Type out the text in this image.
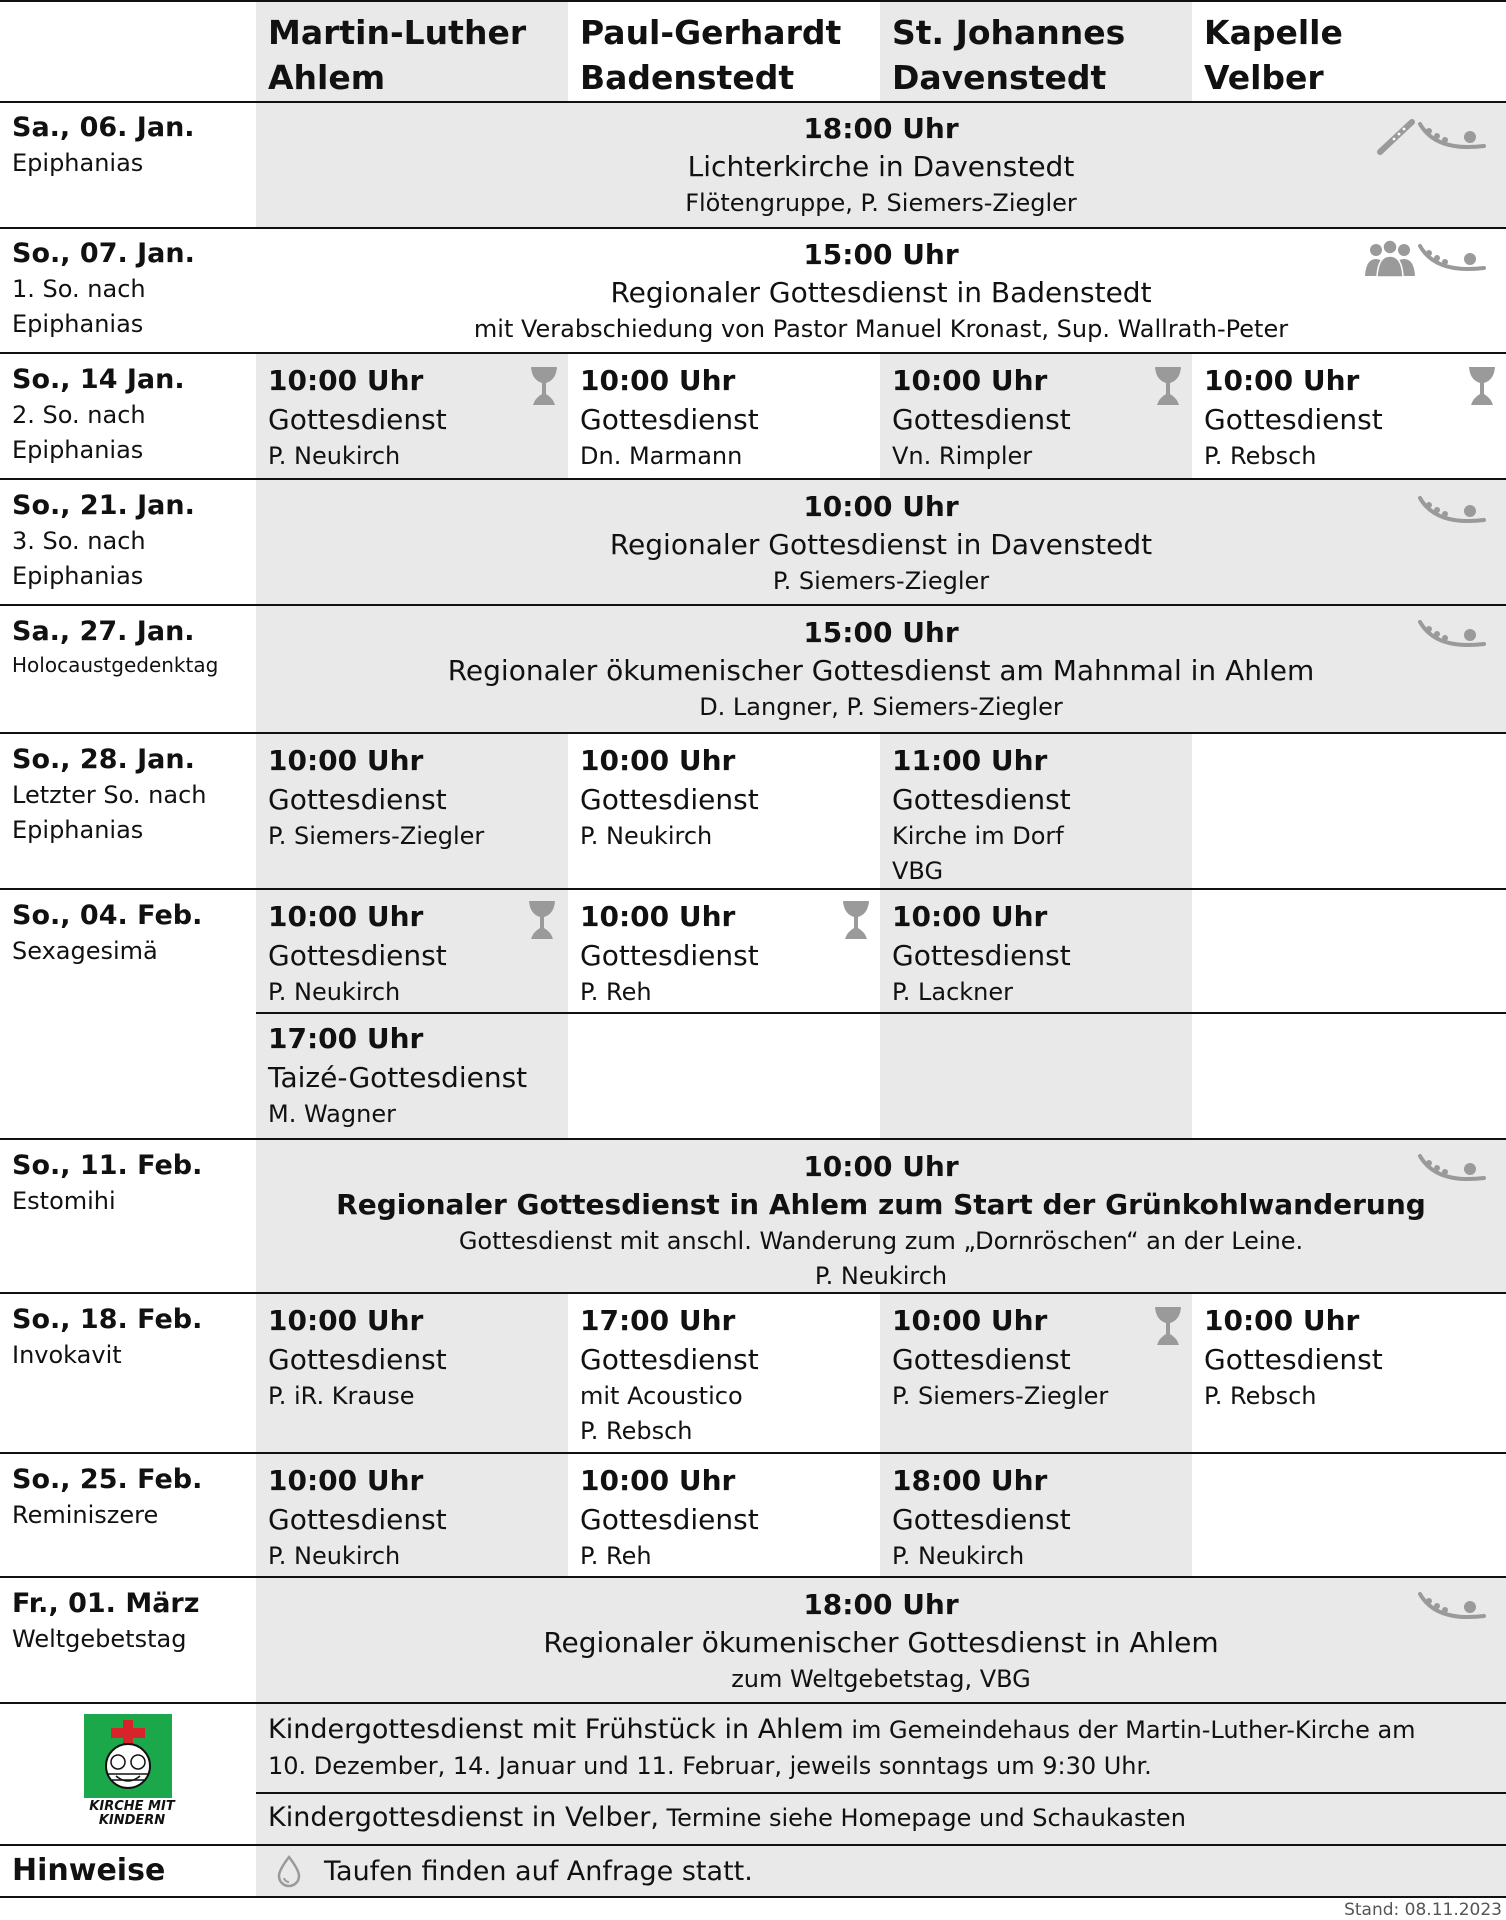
Martin-Luther
Ahlem
Paul-Gerhardt
Badenstedt
St. Johannes
Davenstedt
Kapelle
Velber
Sa., 06. Jan.
Epiphanias
18:00 Uhr
Lichterkirche in Davenstedt
Flötengruppe, P. Siemers-Ziegler
So., 07. Jan.
1. So. nach
Epiphanias
15:00 Uhr
Regionaler Gottesdienst in Badenstedt
mit Verabschiedung von Pastor Manuel Kronast, Sup. Wallrath-Peter
So., 14 Jan.
2. So. nach
Epiphanias
10:00 Uhr
Gottesdienst
P. Neukirch
10:00 Uhr
Gottesdienst
Dn. Marmann
10:00 Uhr
Gottesdienst
Vn. Rimpler
10:00 Uhr
Gottesdienst
P. Rebsch
So., 21. Jan.
3. So. nach
Epiphanias
10:00 Uhr
Regionaler Gottesdienst in Davenstedt
P. Siemers-Ziegler
Sa., 27. Jan.
Holocaustgedenktag
15:00 Uhr
Regionaler ökumenischer Gottesdienst am Mahnmal in Ahlem
D. Langner, P. Siemers-Ziegler
So., 28. Jan.
Letzter So. nach
Epiphanias
10:00 Uhr
Gottesdienst
P. Siemers-Ziegler
10:00 Uhr
Gottesdienst
P. Neukirch
11:00 Uhr
Gottesdienst
Kirche im Dorf
VBG
So., 04. Feb.
Sexagesimä
10:00 Uhr
Gottesdienst
P. Neukirch
10:00 Uhr
Gottesdienst
P. Reh
10:00 Uhr
Gottesdienst
P. Lackner
17:00 Uhr
Taizé-Gottesdienst
M. Wagner
So., 11. Feb.
Estomihi
10:00 Uhr
Regionaler Gottesdienst in Ahlem zum Start der Grünkohlwanderung
Gottesdienst mit anschl. Wanderung zum „Dornröschen“ an der Leine.
P. Neukirch
So., 18. Feb.
Invokavit
10:00 Uhr
Gottesdienst
P. iR. Krause
17:00 Uhr
Gottesdienst
mit Acoustico
P. Rebsch
10:00 Uhr
Gottesdienst
P. Siemers-Ziegler
10:00 Uhr
Gottesdienst
P. Rebsch
So., 25. Feb.
Reminiszere
10:00 Uhr
Gottesdienst
P. Neukirch
10:00 Uhr
Gottesdienst
P. Reh
18:00 Uhr
Gottesdienst
P. Neukirch
Fr., 01. März
Weltgebetstag
18:00 Uhr
Regionaler ökumenischer Gottesdienst in Ahlem
zum Weltgebetstag, VBG
KIRCHE MIT
KINDERN
Kindergottesdienst mit Frühstück in Ahlem im Gemeindehaus der Martin-Luther-Kirche am
10. Dezember, 14. Januar und 11. Februar, jeweils sonntags um 9:30 Uhr.
Kindergottesdienst in Velber, Termine siehe Homepage und Schaukasten
Hinweise	Taufen finden auf Anfrage statt.
Stand: 08.11.2023
